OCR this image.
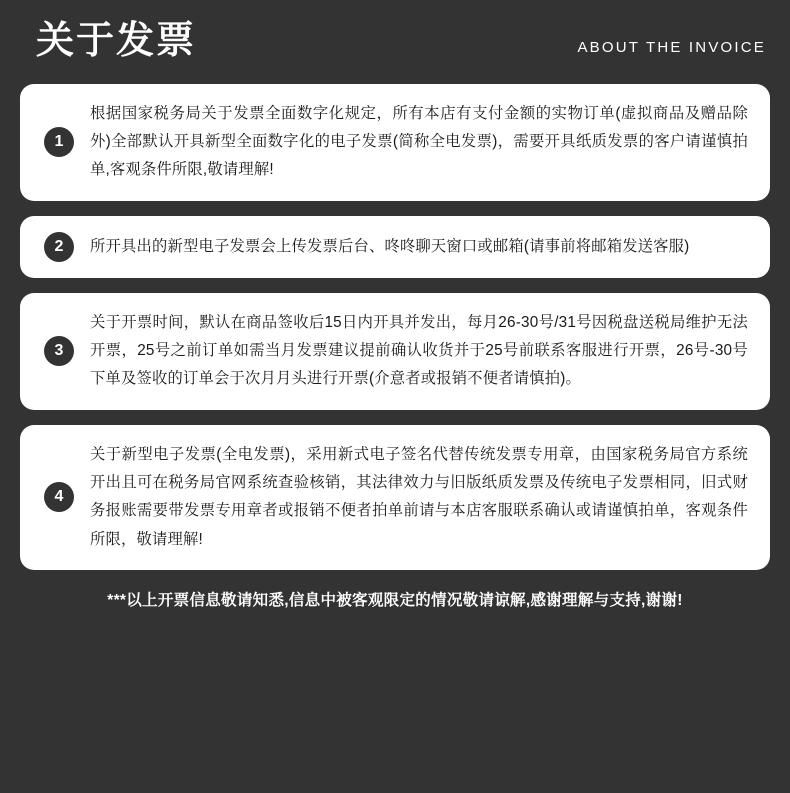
关于发票	ABOUT THE INVOICE
1
根据国家税务局关于发票全面数字化规定，所有本店有支付金额的实物订单(虚拟商品及赠品除外)全部默认开具新型全面数字化的电子发票(简称全电发票)，需要开具纸质发票的客户请谨慎拍单,客观条件所限,敬请理解!
2	所开具出的新型电子发票会上传发票后台、咚咚聊天窗口或邮箱(请事前将邮箱发送客服)
3
关于开票时间，默认在商品签收后15日内开具并发出，每月26-30号/31号因税盘送税局维护无法开票，25号之前订单如需当月发票建议提前确认收货并于25号前联系客服进行开票，26号-30号下单及签收的订单会于次月月头进行开票(介意者或报销不便者请慎拍)。
4
关于新型电子发票(全电发票)，采用新式电子签名代替传统发票专用章，由国家税务局官方系统开出且可在税务局官网系统查验核销，其法律效力与旧版纸质发票及传统电子发票相同，旧式财务报账需要带发票专用章者或报销不便者拍单前请与本店客服联系确认或请谨慎拍单，客观条件所限，敬请理解!
***以上开票信息敬请知悉,信息中被客观限定的情况敬请谅解,感谢理解与支持,谢谢!
